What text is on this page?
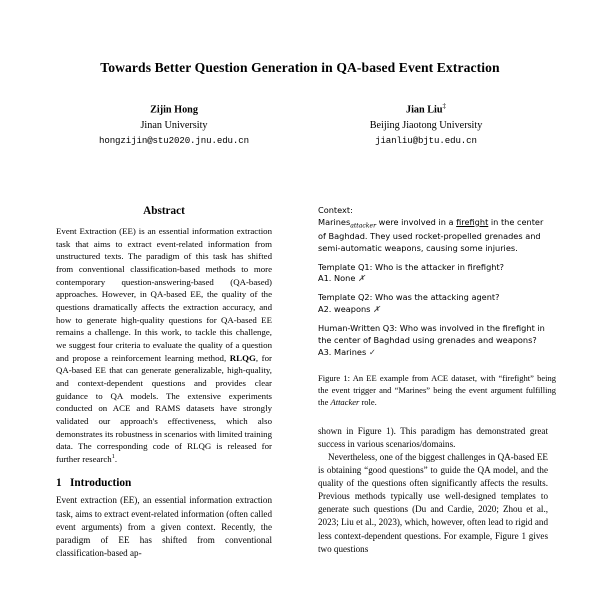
Towards Better Question Generation in QA-based Event Extraction
Zijin Hong
Jinan University
hongzijin@stu2020.jnu.edu.cn
Jian Liu‡
Beijing Jiaotong University
jianliu@bjtu.edu.cn
Abstract
Event Extraction (EE) is an essential information extraction task that aims to extract event-related information from unstructured texts. The paradigm of this task has shifted from conventional classification-based methods to more contemporary question-answering-based (QA-based) approaches. However, in QA-based EE, the quality of the questions dramatically affects the extraction accuracy, and how to generate high-quality questions for QA-based EE remains a challenge. In this work, to tackle this challenge, we suggest four criteria to evaluate the quality of a question and propose a reinforcement learning method, RLQG, for QA-based EE that can generate generalizable, high-quality, and context-dependent questions and provides clear guidance to QA models. The extensive experiments conducted on ACE and RAMS datasets have strongly validated our approach's effectiveness, which also demonstrates its robustness in scenarios with limited training data. The corresponding code of RLQG is released for further research$^1$.
1 Introduction
Event extraction (EE), an essential information extraction task, aims to extract event-related information (often called event arguments) from a given context. Recently, the paradigm of EE has shifted from conventional classification-based ap-
Context:
Marines$_{attacker}$ were involved in a firefight in the center of Baghdad. They used rocket-propelled grenades and semi-automatic weapons, causing some injuries.
Template Q1: Who is the attacker in firefight?
A1. None ✗
Template Q2: Who was the attacking agent?
A2. weapons ✗
Human-Written Q3: Who was involved in the firefight in the center of Baghdad using grenades and weapons?
A3. Marines ✓
Figure 1: An EE example from ACE dataset, with “firefight” being the event trigger and “Marines” being the event argument fulfilling the Attacker role.
shown in Figure 1). This paradigm has demonstrated great success in various scenarios/domains.
Nevertheless, one of the biggest challenges in QA-based EE is obtaining “good questions” to guide the QA model, and the quality of the questions often significantly affects the results. Previous methods typically use well-designed templates to generate such questions (Du and Cardie, 2020; Zhou et al., 2023; Liu et al., 2023), which, however, often lead to rigid and less context-dependent questions. For example, Figure 1 gives two questions
